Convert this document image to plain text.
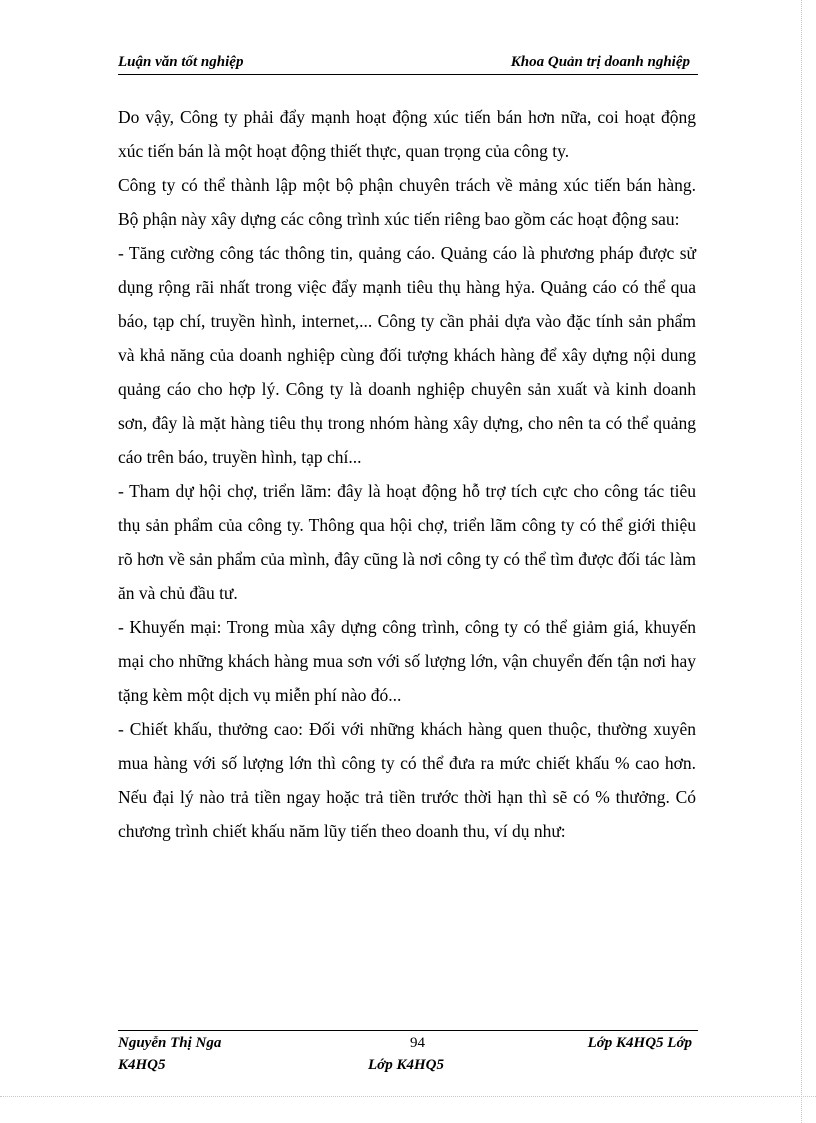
Luận văn tốt nghiệp	Khoa Quản trị doanh nghiệp

Do vậy, Công ty phải đẩy mạnh hoạt động xúc tiến bán hơn nữa, coi hoạt động xúc tiến bán là một hoạt động thiết thực, quan trọng của công ty.

Công ty có thể thành lập một bộ phận chuyên trách về mảng xúc tiến bán hàng. Bộ phận này xây dựng các công trình xúc tiến riêng bao gồm các hoạt động sau:

- Tăng cường công tác thông tin, quảng cáo. Quảng cáo là phương pháp được sử dụng rộng rãi nhất trong việc đẩy mạnh tiêu thụ hàng hỷa. Quảng cáo có thể qua báo, tạp chí, truyền hình, internet,... Công ty cần phải dựa vào đặc tính sản phẩm và khả năng của doanh nghiệp cùng đối tượng khách hàng để xây dựng nội dung quảng cáo cho hợp lý. Công ty là doanh nghiệp chuyên sản xuất và kinh doanh sơn, đây là mặt hàng tiêu thụ trong nhóm hàng xây dựng, cho nên ta có thể quảng cáo trên báo, truyền hình, tạp chí...

- Tham dự hội chợ, triển lãm: đây là hoạt động hỗ trợ tích cực cho công tác tiêu thụ sản phẩm của công ty. Thông qua hội chợ, triển lãm công ty có thể giới thiệu rõ hơn về sản phẩm của mình, đây cũng là nơi công ty có thể tìm được đối tác làm ăn và chủ đầu tư.

- Khuyến mại: Trong mùa xây dựng công trình, công ty có thể giảm giá, khuyến mại cho những khách hàng mua sơn với số lượng lớn, vận chuyển đến tận nơi hay tặng kèm một dịch vụ miễn phí nào đó...

- Chiết khấu, thưởng cao: Đối với những khách hàng quen thuộc, thường xuyên mua hàng với số lượng lớn thì công ty có thể đưa ra mức chiết khấu % cao hơn. Nếu đại lý nào trả tiền ngay hoặc trả tiền trước thời hạn thì sẽ có % thưởng. Có chương trình chiết khấu năm lũy tiến theo doanh thu, ví dụ như:

Nguyễn Thị Nga	94	Lớp K4HQ5 Lớp
K4HQ5	Lớp K4HQ5
